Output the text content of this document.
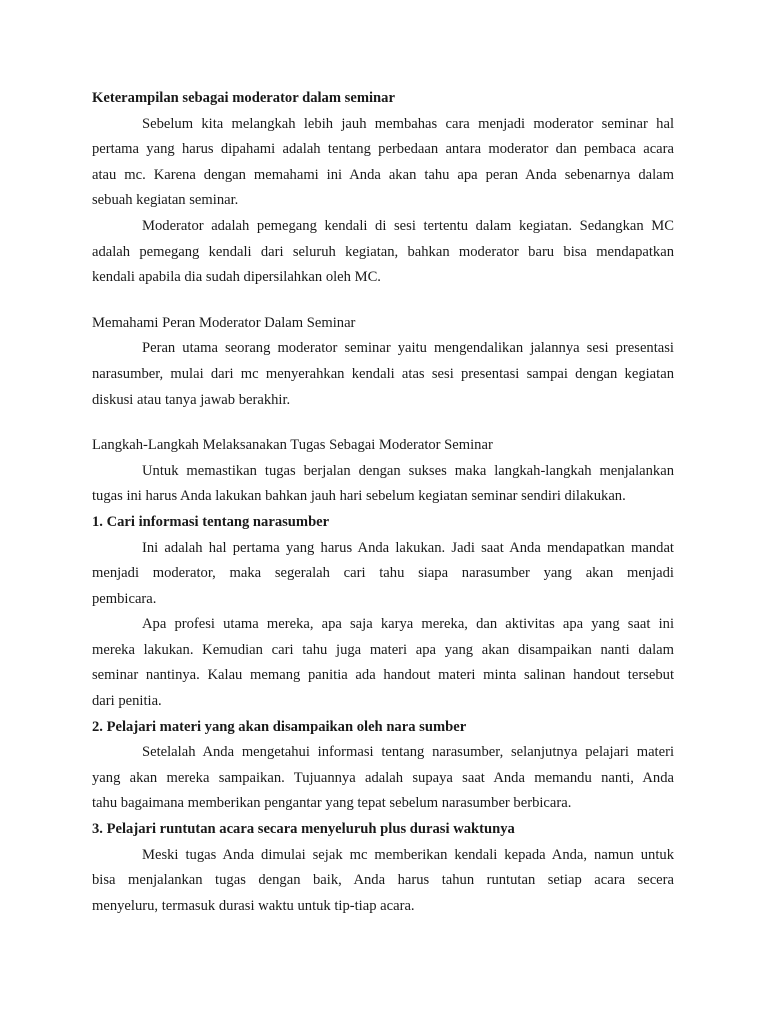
Keterampilan sebagai moderator dalam seminar
Sebelum kita melangkah lebih jauh membahas cara menjadi moderator seminar hal
pertama yang harus dipahami adalah tentang perbedaan antara moderator dan pembaca acara
atau mc. Karena dengan memahami ini Anda akan tahu apa peran Anda sebenarnya dalam
sebuah kegiatan seminar.
Moderator adalah pemegang kendali di sesi tertentu dalam kegiatan. Sedangkan MC
adalah pemegang kendali dari seluruh kegiatan, bahkan moderator baru bisa mendapatkan
kendali apabila dia sudah dipersilahkan oleh MC.
Memahami Peran Moderator Dalam Seminar
Peran utama seorang moderator seminar yaitu mengendalikan jalannya sesi presentasi
narasumber, mulai dari mc menyerahkan kendali atas sesi presentasi sampai dengan kegiatan
diskusi atau tanya jawab berakhir.
Langkah-Langkah Melaksanakan Tugas Sebagai Moderator Seminar
Untuk memastikan tugas berjalan dengan sukses maka langkah-langkah menjalankan
tugas ini harus Anda lakukan bahkan jauh hari sebelum kegiatan seminar sendiri dilakukan.
1. Cari informasi tentang narasumber
Ini adalah hal pertama yang harus Anda lakukan. Jadi saat Anda mendapatkan mandat
menjadi moderator, maka segeralah cari tahu siapa narasumber yang akan menjadi
pembicara.
Apa profesi utama mereka, apa saja karya mereka, dan aktivitas apa yang saat ini
mereka lakukan. Kemudian cari tahu juga materi apa yang akan disampaikan nanti dalam
seminar nantinya. Kalau memang panitia ada handout materi minta salinan handout tersebut
dari penitia.
2. Pelajari materi yang akan disampaikan oleh nara sumber
Setelalah Anda mengetahui informasi tentang narasumber, selanjutnya pelajari materi
yang akan mereka sampaikan. Tujuannya adalah supaya saat Anda memandu nanti, Anda
tahu bagaimana memberikan pengantar yang tepat sebelum narasumber berbicara.
3. Pelajari runtutan acara secara menyeluruh plus durasi waktunya
Meski tugas Anda dimulai sejak mc memberikan kendali kepada Anda, namun untuk
bisa menjalankan tugas dengan baik, Anda harus tahun runtutan setiap acara secera
menyeluru, termasuk durasi waktu untuk tip-tiap acara.
